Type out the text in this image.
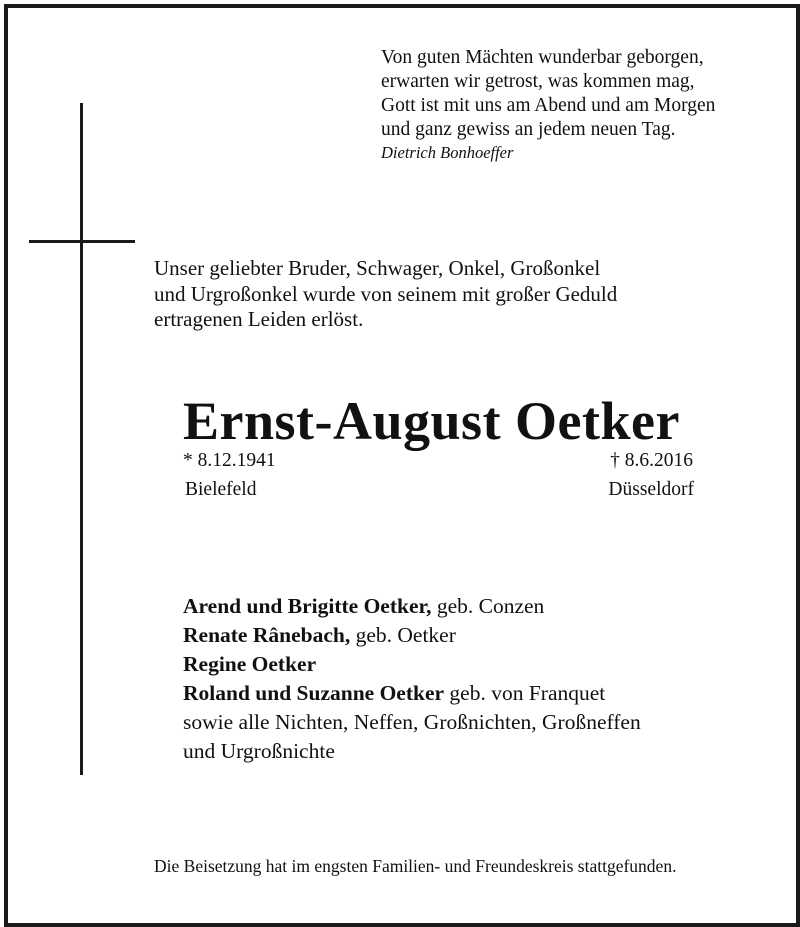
Von guten Mächten wunderbar geborgen,
erwarten wir getrost, was kommen mag,
Gott ist mit uns am Abend und am Morgen
und ganz gewiss an jedem neuen Tag.
Dietrich Bonhoeffer
Unser geliebter Bruder, Schwager, Onkel, Großonkel
und Urgroßonkel wurde von seinem mit großer Geduld
ertragenen Leiden erlöst.
Ernst-August Oetker
* 8.12.1941
Bielefeld
† 8.6.2016
Düsseldorf
Arend und Brigitte Oetker, geb. Conzen
Renate Rânebach, geb. Oetker
Regine Oetker
Roland und Suzanne Oetker geb. von Franquet
sowie alle Nichten, Neffen, Großnichten, Großneffen
und Urgroßnichte
Die Beisetzung hat im engsten Familien- und Freundeskreis stattgefunden.
